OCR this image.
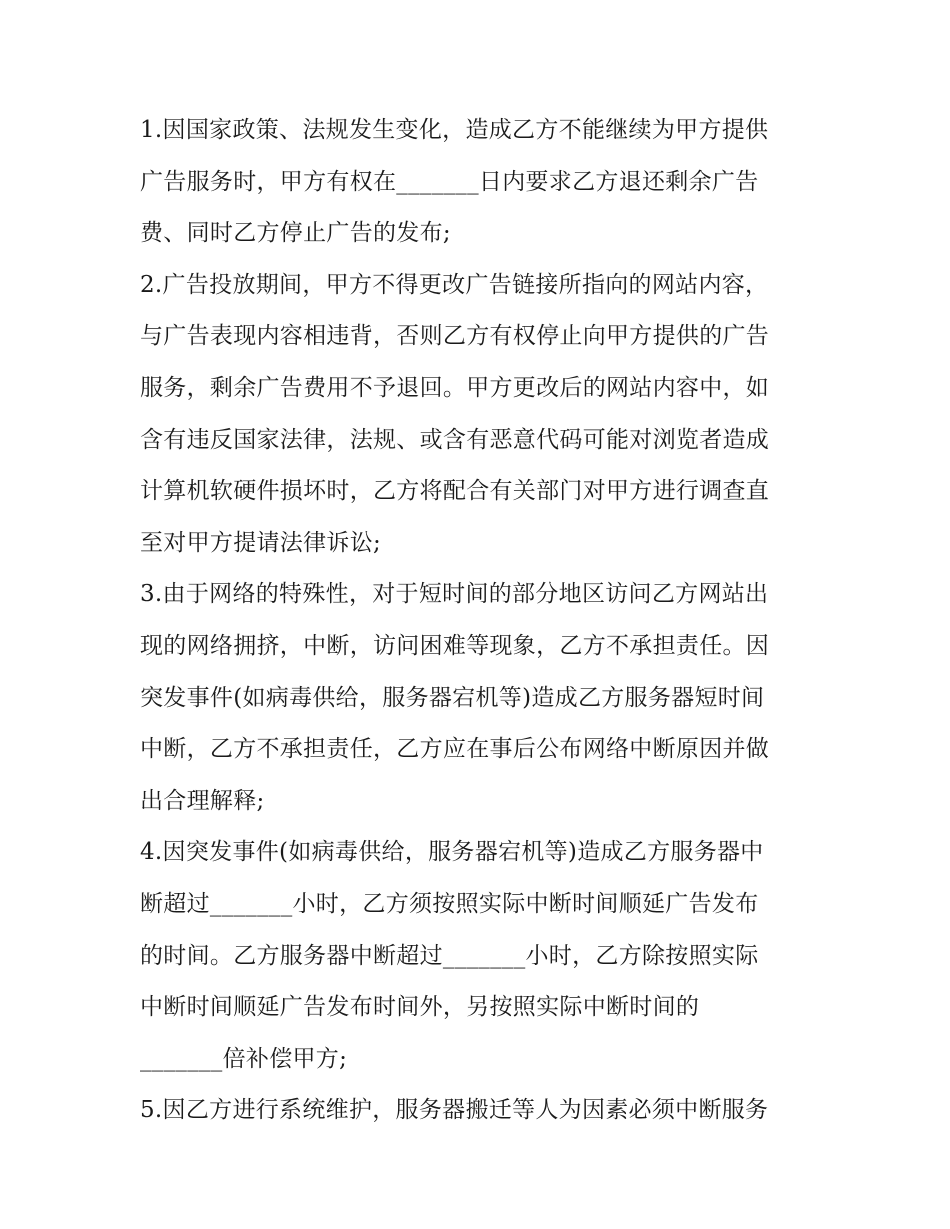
1.因国家政策、法规发生变化，造成乙方不能继续为甲方提供
广告服务时，甲方有权在_______日内要求乙方退还剩余广告
费、同时乙方停止广告的发布;
2.广告投放期间，甲方不得更改广告链接所指向的网站内容，
与广告表现内容相违背，否则乙方有权停止向甲方提供的广告
服务，剩余广告费用不予退回。甲方更改后的网站内容中，如
含有违反国家法律，法规、或含有恶意代码可能对浏览者造成
计算机软硬件损坏时，乙方将配合有关部门对甲方进行调查直
至对甲方提请法律诉讼;
3.由于网络的特殊性，对于短时间的部分地区访问乙方网站出
现的网络拥挤，中断，访问困难等现象，乙方不承担责任。因
突发事件(如病毒供给，服务器宕机等)造成乙方服务器短时间
中断，乙方不承担责任，乙方应在事后公布网络中断原因并做
出合理解释;
4.因突发事件(如病毒供给，服务器宕机等)造成乙方服务器中
断超过_______小时，乙方须按照实际中断时间顺延广告发布
的时间。乙方服务器中断超过_______小时，乙方除按照实际
中断时间顺延广告发布时间外，另按照实际中断时间的
_______倍补偿甲方;
5.因乙方进行系统维护，服务器搬迁等人为因素必须中断服务
